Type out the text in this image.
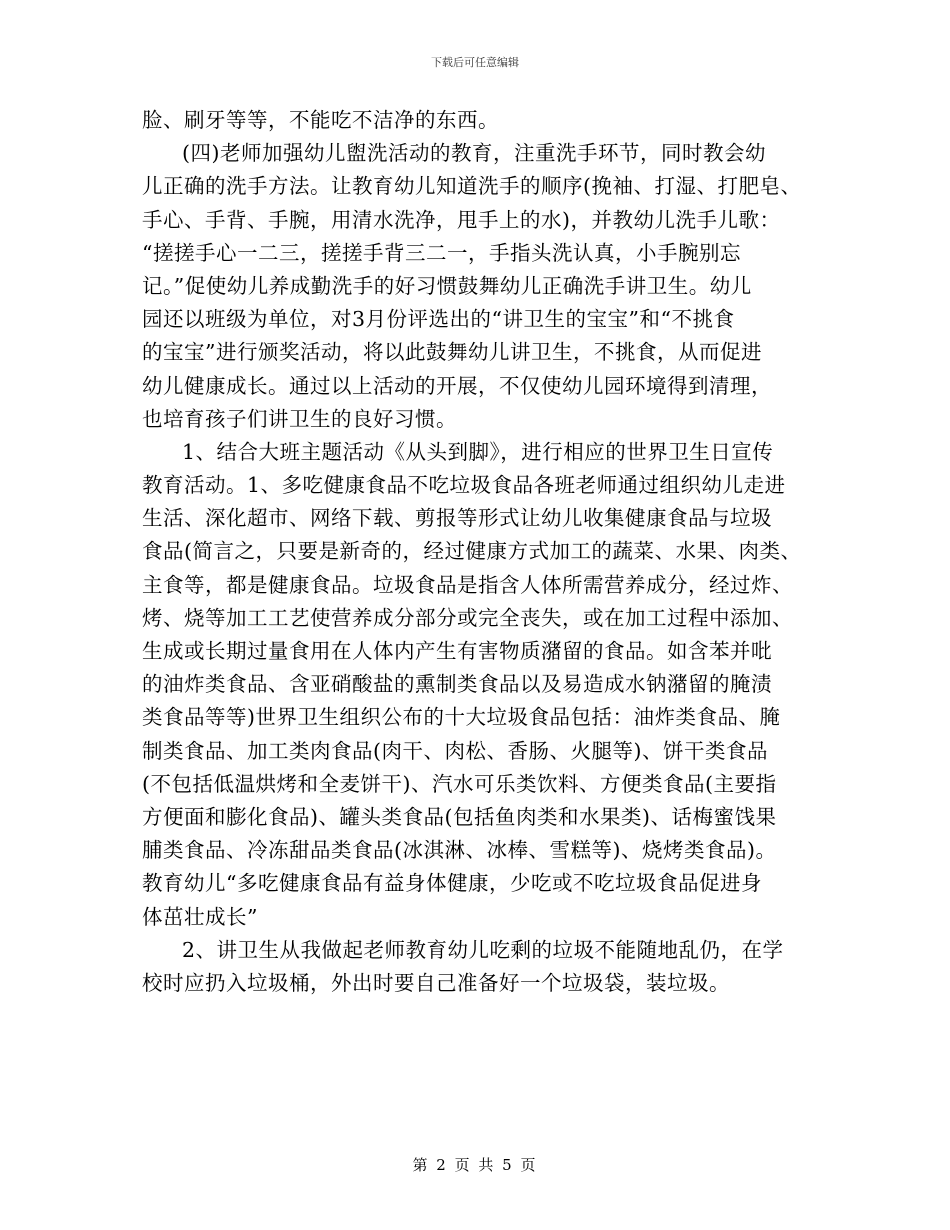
下载后可任意编辑
脸、刷牙等等，不能吃不洁净的东西。
(四)老师加强幼儿盥洗活动的教育，注重洗手环节，同时教会幼
儿正确的洗手方法。让教育幼儿知道洗手的顺序(挽袖、打湿、打肥皂、
手心、手背、手腕，用清水洗净，甩手上的水)，并教幼儿洗手儿歌：
“搓搓手心一二三，搓搓手背三二一，手指头洗认真，小手腕别忘
记。”促使幼儿养成勤洗手的好习惯鼓舞幼儿正确洗手讲卫生。幼儿
园还以班级为单位，对3月份评选出的“讲卫生的宝宝”和“不挑食
的宝宝”进行颁奖活动，将以此鼓舞幼儿讲卫生，不挑食，从而促进
幼儿健康成长。通过以上活动的开展，不仅使幼儿园环境得到清理，
也培育孩子们讲卫生的良好习惯。
1、结合大班主题活动《从头到脚》，进行相应的世界卫生日宣传
教育活动。1、多吃健康食品不吃垃圾食品各班老师通过组织幼儿走进
生活、深化超市、网络下载、剪报等形式让幼儿收集健康食品与垃圾
食品(简言之，只要是新奇的，经过健康方式加工的蔬菜、水果、肉类、
主食等，都是健康食品。垃圾食品是指含人体所需营养成分，经过炸、
烤、烧等加工工艺使营养成分部分或完全丧失，或在加工过程中添加、
生成或长期过量食用在人体内产生有害物质潴留的食品。如含苯并吡
的油炸类食品、含亚硝酸盐的熏制类食品以及易造成水钠潴留的腌渍
类食品等等)世界卫生组织公布的十大垃圾食品包括：油炸类食品、腌
制类食品、加工类肉食品(肉干、肉松、香肠、火腿等)、饼干类食品
(不包括低温烘烤和全麦饼干)、汽水可乐类饮料、方便类食品(主要指
方便面和膨化食品)、罐头类食品(包括鱼肉类和水果类)、话梅蜜饯果
脯类食品、冷冻甜品类食品(冰淇淋、冰棒、雪糕等)、烧烤类食品)。
教育幼儿“多吃健康食品有益身体健康，少吃或不吃垃圾食品促进身
体茁壮成长”
2、讲卫生从我做起老师教育幼儿吃剩的垃圾不能随地乱仍，在学
校时应扔入垃圾桶，外出时要自己准备好一个垃圾袋，装垃圾。
第 2 页 共 5 页
